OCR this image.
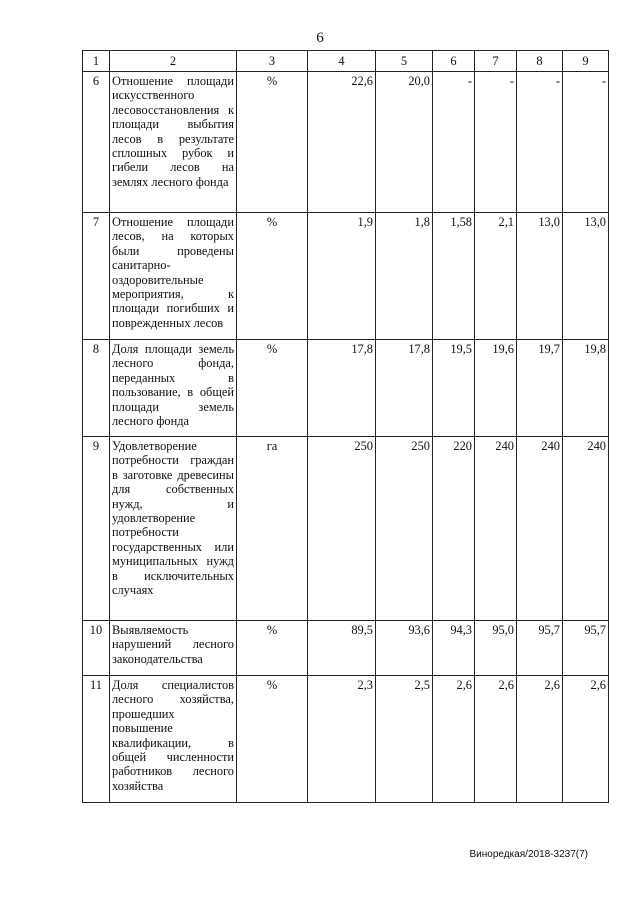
6
1	2	3	4	5	6	7	8	9
6	Отношение площади искусственного лесовосстановления к площади выбытия лесов в результате сплошных рубок и гибели лесов на землях лесного фонда	%	22,6	20,0	-	-	-	-
7	Отношение площади лесов, на которых были проведены санитарно-оздоровительные мероприятия, к площади погибших и поврежденных лесов	%	1,9	1,8	1,58	2,1	13,0	13,0
8	Доля площади земель лесного фонда, переданных в пользование, в общей площади земель лесного фонда	%	17,8	17,8	19,5	19,6	19,7	19,8
9	Удовлетворение потребности граждан в заготовке древесины для собственных нужд, и удовлетворение потребности государственных или муниципальных нужд в исключительных случаях	га	250	250	220	240	240	240
10	Выявляемость нарушений лесного законодательства	%	89,5	93,6	94,3	95,0	95,7	95,7
11	Доля специалистов лесного хозяйства, прошедших повышение квалификации, в общей численности работников лесного хозяйства	%	2,3	2,5	2,6	2,6	2,6	2,6
Виноредкая/2018-3237(7)
